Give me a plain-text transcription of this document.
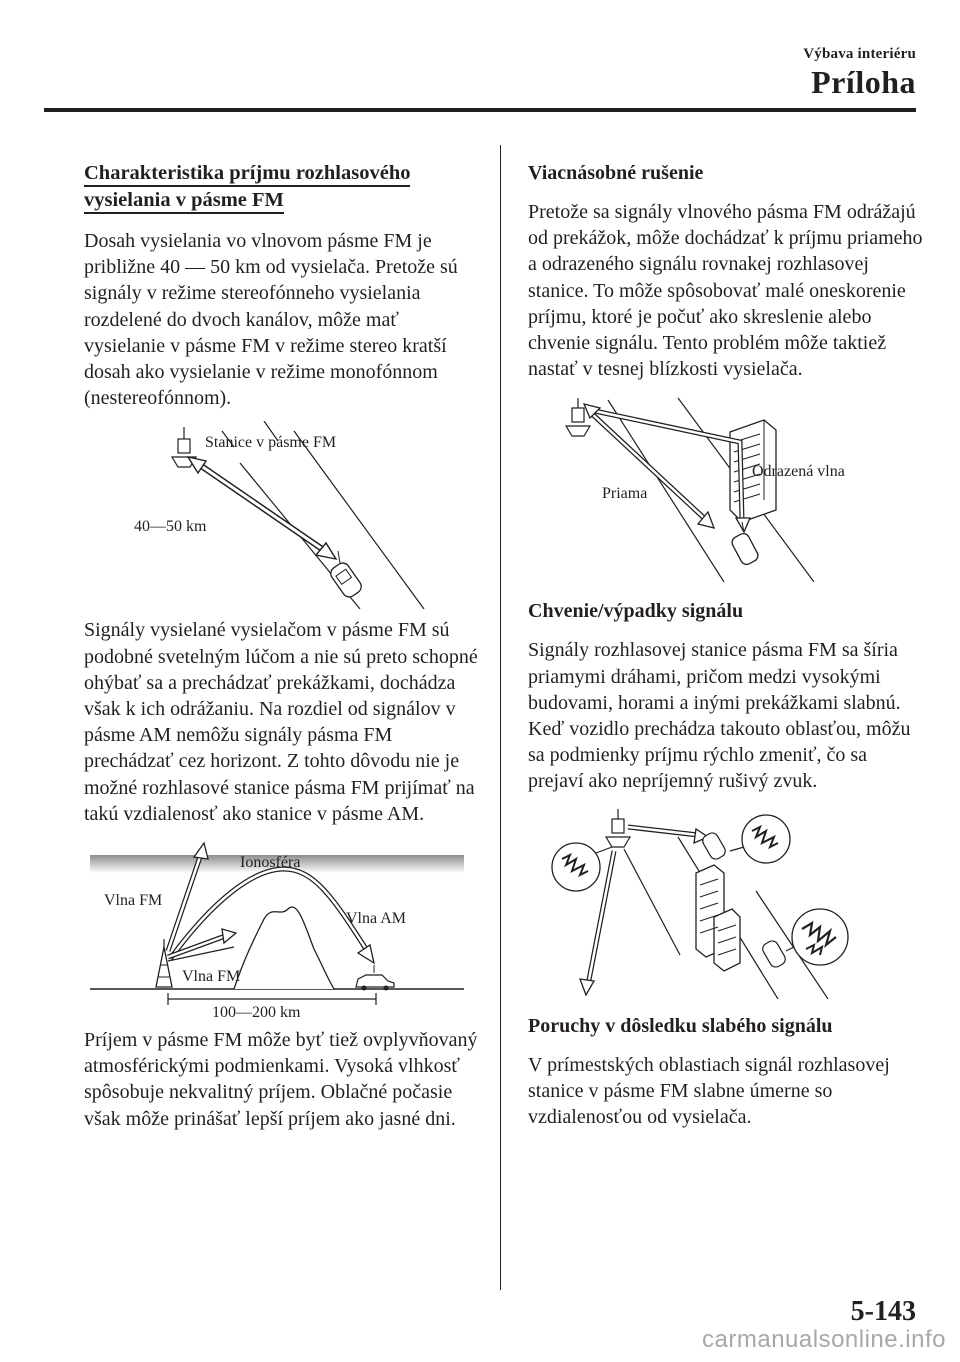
Výbava interiéru
Príloha
Charakteristika príjmu rozhlasového
vysielania v pásme FM

Dosah vysielania vo vlnovom pásme FM je približne 40 ― 50 km od vysielača. Pretože sú signály v režime stereofónneho vysielania rozdelené do dvoch kanálov, môže mať vysielanie v pásme FM v režime stereo kratší dosah ako vysielanie v režime monofónnom (nestereofónnom).

Stanice v pásme FM
40―50 km

Signály vysielané vysielačom v pásme FM sú podobné svetelným lúčom a nie sú preto schopné ohýbať sa a prechádzať prekážkami, dochádza však k ich odrážaniu. Na rozdiel od signálov v pásme AM nemôžu signály pásma FM prechádzať cez horizont. Z tohto dôvodu nie je možné rozhlasové stanice pásma FM prijímať na takú vzdialenosť ako stanice v pásme AM.

Ionosféra
Vlna FM
Vlna AM
Vlna FM
100―200 km

Príjem v pásme FM môže byť tiež ovplyvňovaný atmosférickými podmienkami. Vysoká vlhkosť spôsobuje nekvalitný príjem. Oblačné počasie však môže prinášať lepší príjem ako jasné dni.

Viacnásobné rušenie

Pretože sa signály vlnového pásma FM odrážajú od prekážok, môže dochádzať k príjmu priameho a odrazeného signálu rovnakej rozhlasovej stanice. To môže spôsobovať malé oneskorenie príjmu, ktoré je počuť ako skreslenie alebo chvenie signálu. Tento problém môže taktiež nastať v tesnej blízkosti vysielača.

Odrazená vlna
Priama
Chvenie/výpadky signálu

Signály rozhlasovej stanice pásma FM sa šíria priamymi dráhami, pričom medzi vysokými budovami, horami a inými prekážkami slabnú. Keď vozidlo prechádza takouto oblasťou, môžu sa podmienky príjmu rýchlo zmeniť, čo sa prejaví ako nepríjemný rušivý zvuk.

Poruchy v dôsledku slabého signálu

V prímestských oblastiach signál rozhlasovej stanice v pásme FM slabne úmerne so vzdialenosťou od vysielača.

5-143
carmanualsonline.info
